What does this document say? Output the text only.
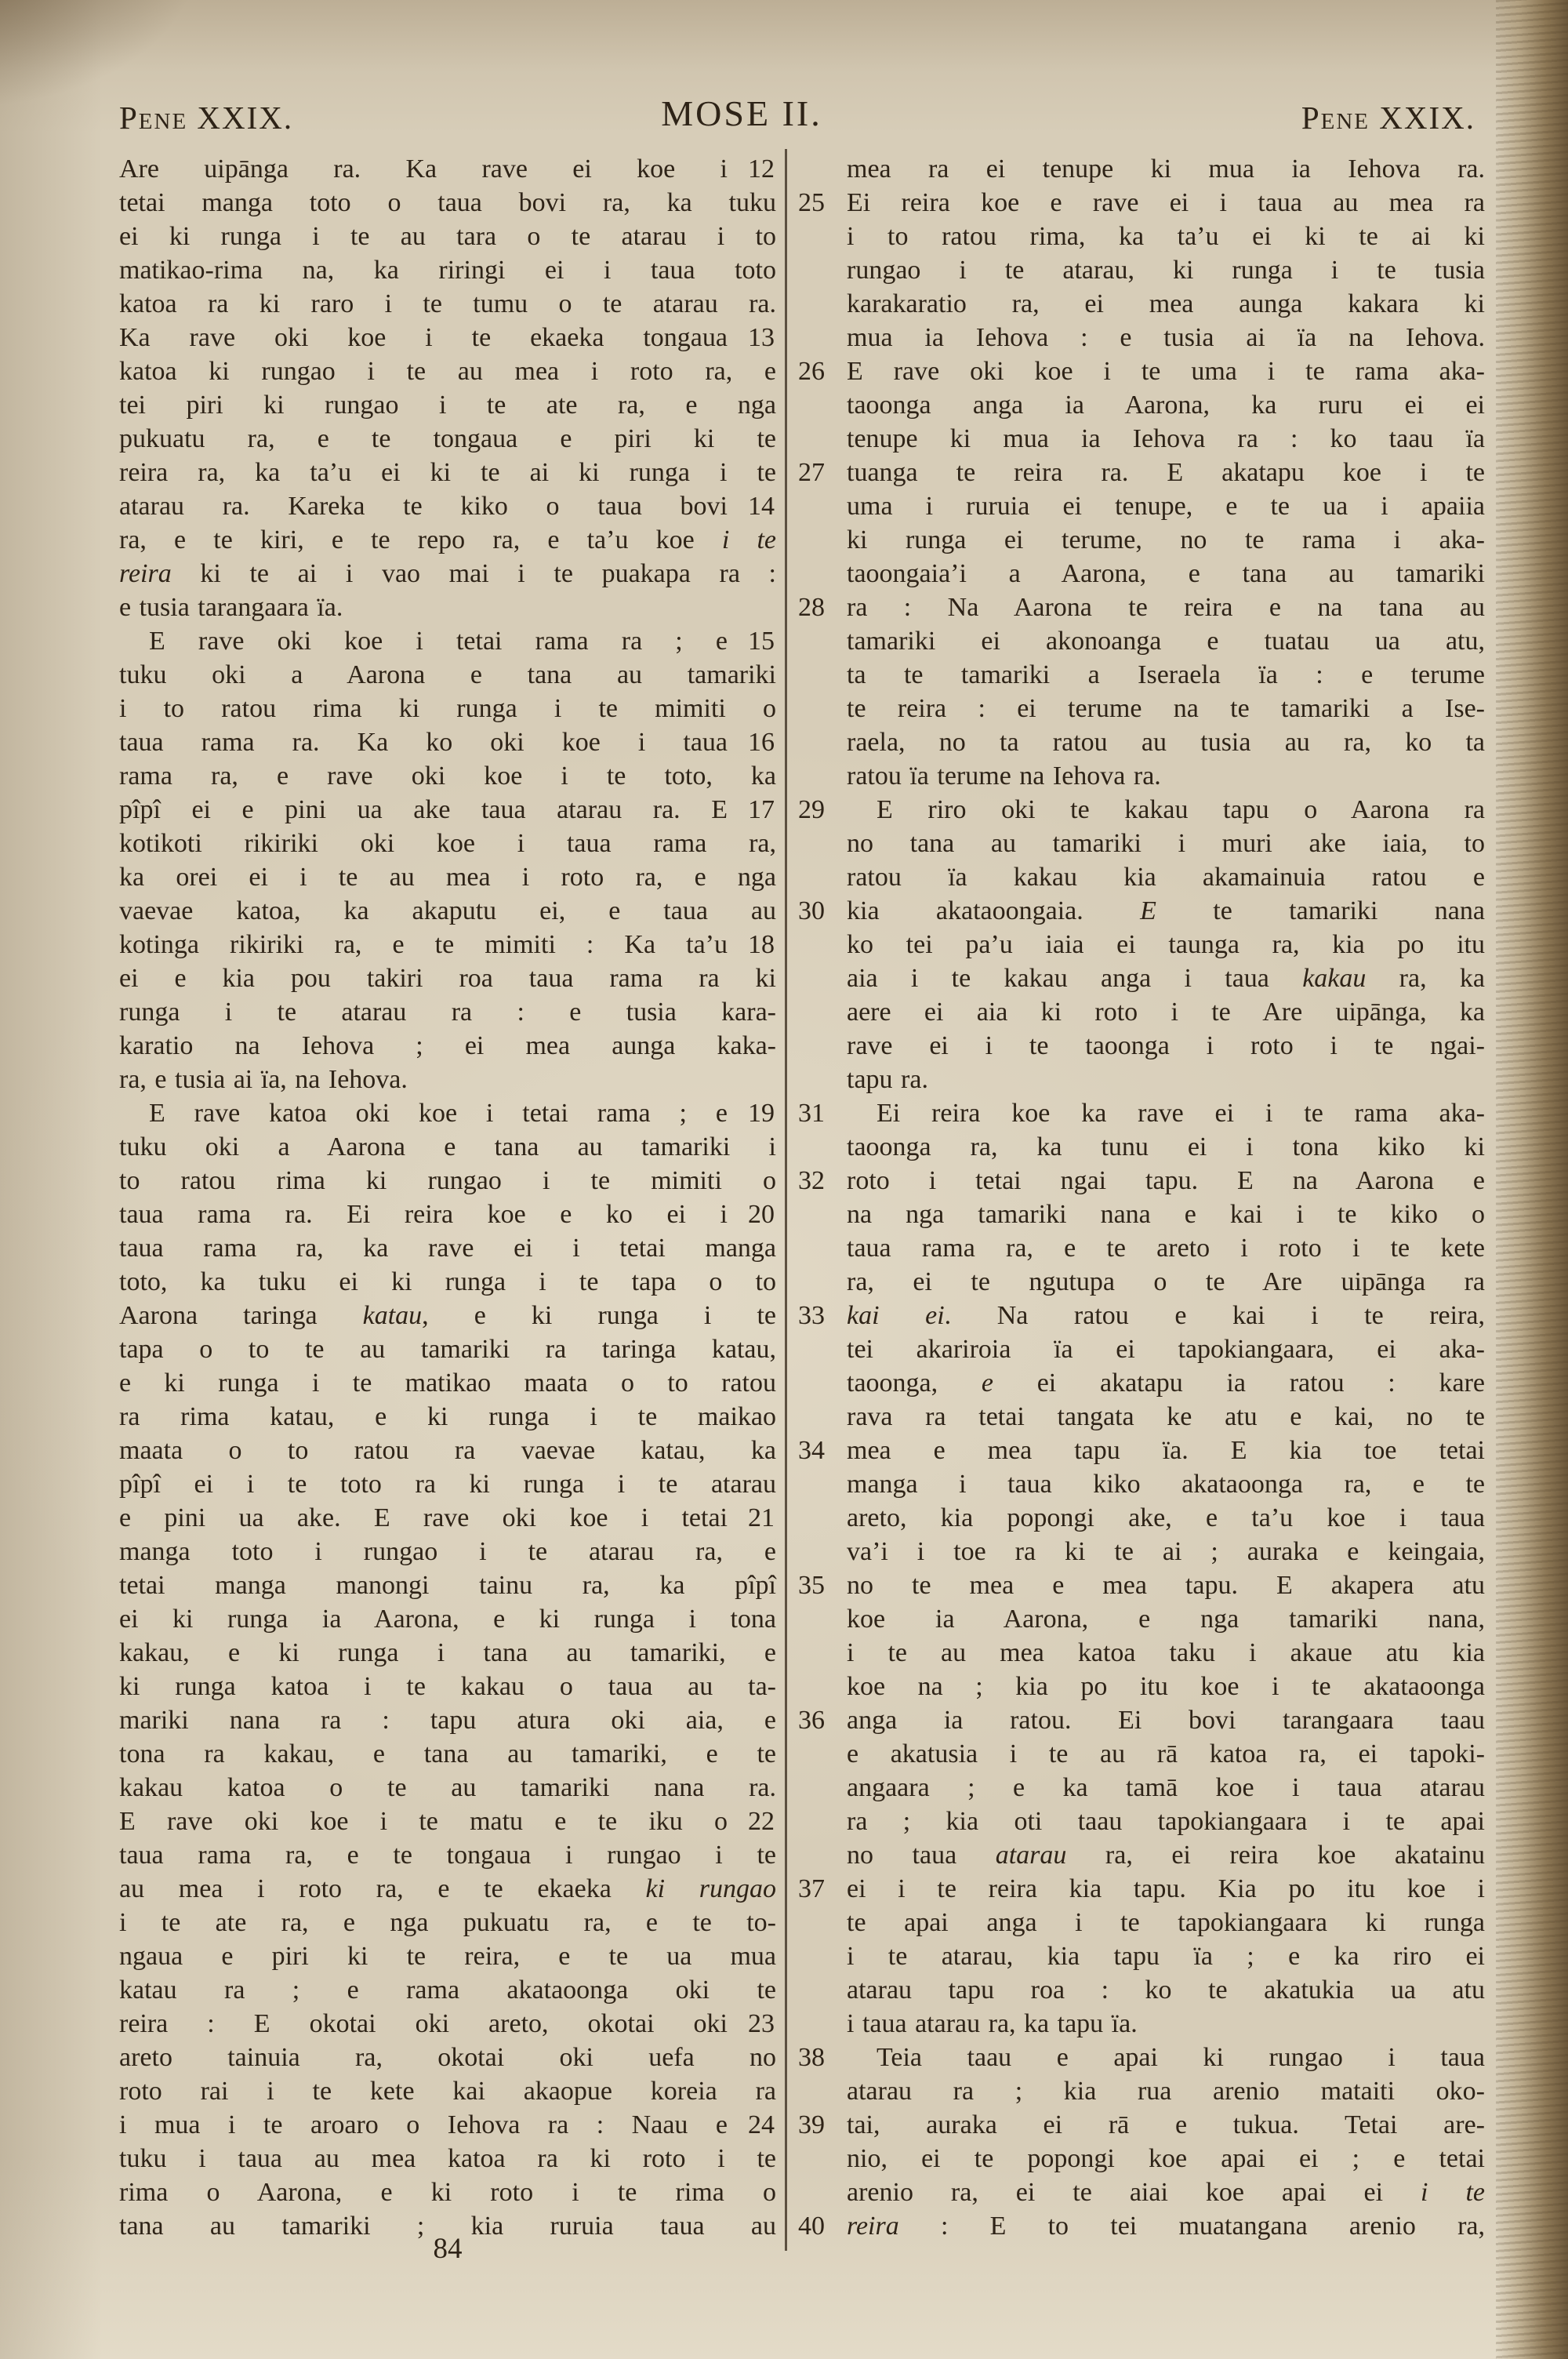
Pene XXIX.	MOSE II.	Pene XXIX.
Are uipānga ra. Ka rave ei koe i 12
tetai manga toto o taua bovi ra, ka tuku
ei ki runga i te au tara o te atarau i to
matikao-rima na, ka riringi ei i taua toto
katoa ra ki raro i te tumu o te atarau ra.
Ka rave oki koe i te ekaeka tongaua 13
katoa ki rungao i te au mea i roto ra, e
tei piri ki rungao i te ate ra, e nga
pukuatu ra, e te tongaua e piri ki te
reira ra, ka ta’u ei ki te ai ki runga i te
atarau ra. Kareka te kiko o taua bovi 14
ra, e te kiri, e te repo ra, e ta’u koe i te
reira ki te ai i vao mai i te puakapa ra :
e tusia tarangaara ïa.
E rave oki koe i tetai rama ra ; e 15
tuku oki a Aarona e tana au tamariki
i to ratou rima ki runga i te mimiti o
taua rama ra. Ka ko oki koe i taua 16
rama ra, e rave oki koe i te toto, ka
pîpî ei e pini ua ake taua atarau ra. E 17
kotikoti rikiriki oki koe i taua rama ra,
ka orei ei i te au mea i roto ra, e nga
vaevae katoa, ka akaputu ei, e taua au
kotinga rikiriki ra, e te mimiti : Ka ta’u 18
ei e kia pou takiri roa taua rama ra ki
runga i te atarau ra : e tusia kara-
karatio na Iehova ; ei mea aunga kaka-
ra, e tusia ai ïa, na Iehova.
E rave katoa oki koe i tetai rama ; e 19
tuku oki a Aarona e tana au tamariki i
to ratou rima ki rungao i te mimiti o
taua rama ra. Ei reira koe e ko ei i 20
taua rama ra, ka rave ei i tetai manga
toto, ka tuku ei ki runga i te tapa o to
Aarona taringa katau, e ki runga i te
tapa o to te au tamariki ra taringa katau,
e ki runga i te matikao maata o to ratou
ra rima katau, e ki runga i te maikao
maata o to ratou ra vaevae katau, ka
pîpî ei i te toto ra ki runga i te atarau
e pini ua ake. E rave oki koe i tetai 21
manga toto i rungao i te atarau ra, e
tetai manga manongi tainu ra, ka pîpî
ei ki runga ia Aarona, e ki runga i tona
kakau, e ki runga i tana au tamariki, e
ki runga katoa i te kakau o taua au ta-
mariki nana ra : tapu atura oki aia, e
tona ra kakau, e tana au tamariki, e te
kakau katoa o te au tamariki nana ra.
E rave oki koe i te matu e te iku o 22
taua rama ra, e te tongaua i rungao i te
au mea i roto ra, e te ekaeka ki rungao
i te ate ra, e nga pukuatu ra, e te to-
ngaua e piri ki te reira, e te ua mua
katau ra ; e rama akataoonga oki te
reira : E okotai oki areto, okotai oki 23
areto tainuia ra, okotai oki uefa no
roto rai i te kete kai akaopue koreia ra
i mua i te aroaro o Iehova ra : Naau e 24
tuku i taua au mea katoa ra ki roto i te
rima o Aarona, e ki roto i te rima o
tana au tamariki ; kia ruruia taua au
mea ra ei tenupe ki mua ia Iehova ra.
Ei reira koe e rave ei i taua au mea ra
25
i to ratou rima, ka ta’u ei ki te ai ki
rungao i te atarau, ki runga i te tusia
karakaratio ra, ei mea aunga kakara ki
mua ia Iehova : e tusia ai ïa na Iehova.
E rave oki koe i te uma i te rama aka-
26
taoonga anga ia Aarona, ka ruru ei ei
tenupe ki mua ia Iehova ra : ko taau ïa
tuanga te reira ra. E akatapu koe i te
27
uma i ruruia ei tenupe, e te ua i apaiia
ki runga ei terume, no te rama i aka-
taoongaia’i a Aarona, e tana au tamariki
ra : Na Aarona te reira e na tana au
28
tamariki ei akonoanga e tuatau ua atu,
ta te tamariki a Iseraela ïa : e terume
te reira : ei terume na te tamariki a Ise-
raela, no ta ratou au tusia au ra, ko ta
ratou ïa terume na Iehova ra.
E riro oki te kakau tapu o Aarona ra
29
no tana au tamariki i muri ake iaia, to
ratou ïa kakau kia akamainuia ratou e
kia akataoongaia. E te tamariki nana
30
ko tei pa’u iaia ei taunga ra, kia po itu
aia i te kakau anga i taua kakau ra, ka
aere ei aia ki roto i te Are uipānga, ka
rave ei i te taoonga i roto i te ngai-
tapu ra.
Ei reira koe ka rave ei i te rama aka-
31
taoonga ra, ka tunu ei i tona kiko ki
roto i tetai ngai tapu. E na Aarona e
32
na nga tamariki nana e kai i te kiko o
taua rama ra, e te areto i roto i te kete
ra, ei te ngutupa o te Are uipānga ra
kai ei. Na ratou e kai i te reira,
33
tei akariroia ïa ei tapokiangaara, ei aka-
taoonga, e ei akatapu ia ratou : kare
rava ra tetai tangata ke atu e kai, no te
mea e mea tapu ïa. E kia toe tetai
34
manga i taua kiko akataoonga ra, e te
areto, kia popongi ake, e ta’u koe i taua
va’i i toe ra ki te ai ; auraka e keingaia,
no te mea e mea tapu. E akapera atu
35
koe ia Aarona, e nga tamariki nana,
i te au mea katoa taku i akaue atu kia
koe na ; kia po itu koe i te akataoonga
anga ia ratou. Ei bovi tarangaara taau
36
e akatusia i te au rā katoa ra, ei tapoki-
angaara ; e ka tamā koe i taua atarau
ra ; kia oti taau tapokiangaara i te apai
no taua atarau ra, ei reira koe akatainu
ei i te reira kia tapu. Kia po itu koe i
37
te apai anga i te tapokiangaara ki runga
i te atarau, kia tapu ïa ; e ka riro ei
atarau tapu roa : ko te akatukia ua atu
i taua atarau ra, ka tapu ïa.
Teia taau e apai ki rungao i taua
38
atarau ra ; kia rua arenio mataiti oko-
tai, auraka ei rā e tukua. Tetai are-
39
nio, ei te popongi koe apai ei ; e tetai
arenio ra, ei te aiai koe apai ei i te
reira : E to tei muatangana arenio ra,
40
84
